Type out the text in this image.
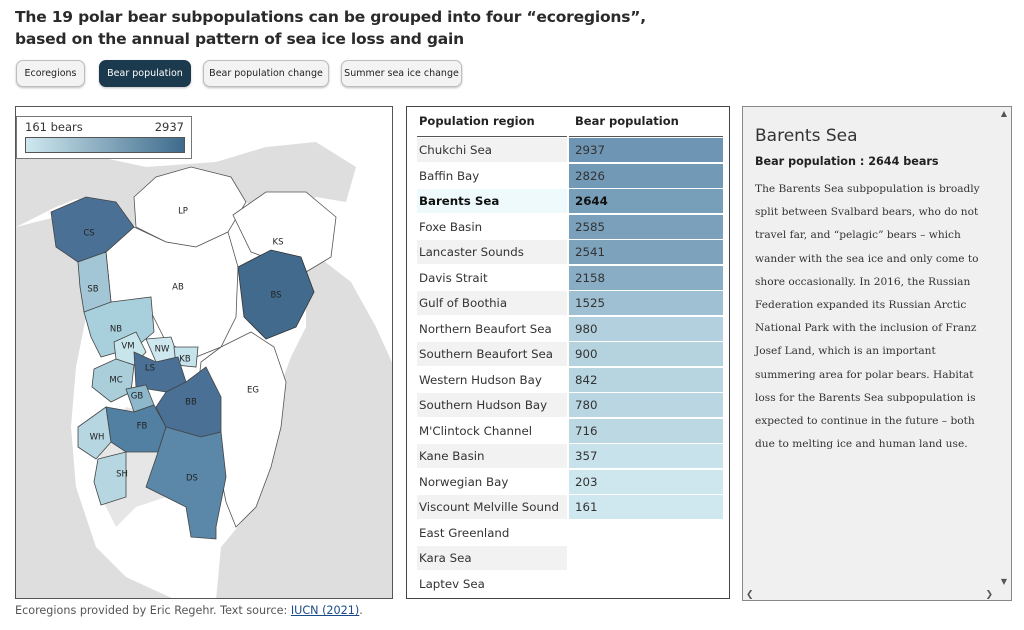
The 19 polar bear subpopulations can be grouped into four “ecoregions”, based on the annual pattern of sea ice loss and gain
Ecoregions	Bear population	Bear population change	Summer sea ice change
CS
LP
KS
SB	AB
BS
NB
VM NW
KB
MC
LS
GB
BB
EG
WH
FB
SH	DS
161 bears	2937	Population region	Bear population
Chukchi Sea	2937
Baffin Bay	2826
Barents Sea	2644
Foxe Basin	2585
Lancaster Sounds	2541
Davis Strait	2158
Gulf of Boothia	1525
Northern Beaufort Sea	980
Southern Beaufort Sea	900
Western Hudson Bay	842
Southern Hudson Bay	780
M'Clintock Channel	716
Kane Basin	357
Norwegian Bay	203
Viscount Melville Sound	161
East Greenland
Kara Sea
Laptev Sea
Barents Sea
Bear population : 2644 bears
The Barents Sea subpopulation is broadly split between Svalbard bears, who do not travel far, and “pelagic” bears – which wander with the sea ice and only come to shore occasionally. In 2016, the Russian Federation expanded its Russian Arctic National Park with the inclusion of Franz Josef Land, which is an important summering area for polar bears. Habitat loss for the Barents Sea subpopulation is expected to continue in the future – both due to melting ice and human land use.
▲
▼
❮	❯
Ecoregions provided by Eric Regehr. Text source: IUCN (2021).
